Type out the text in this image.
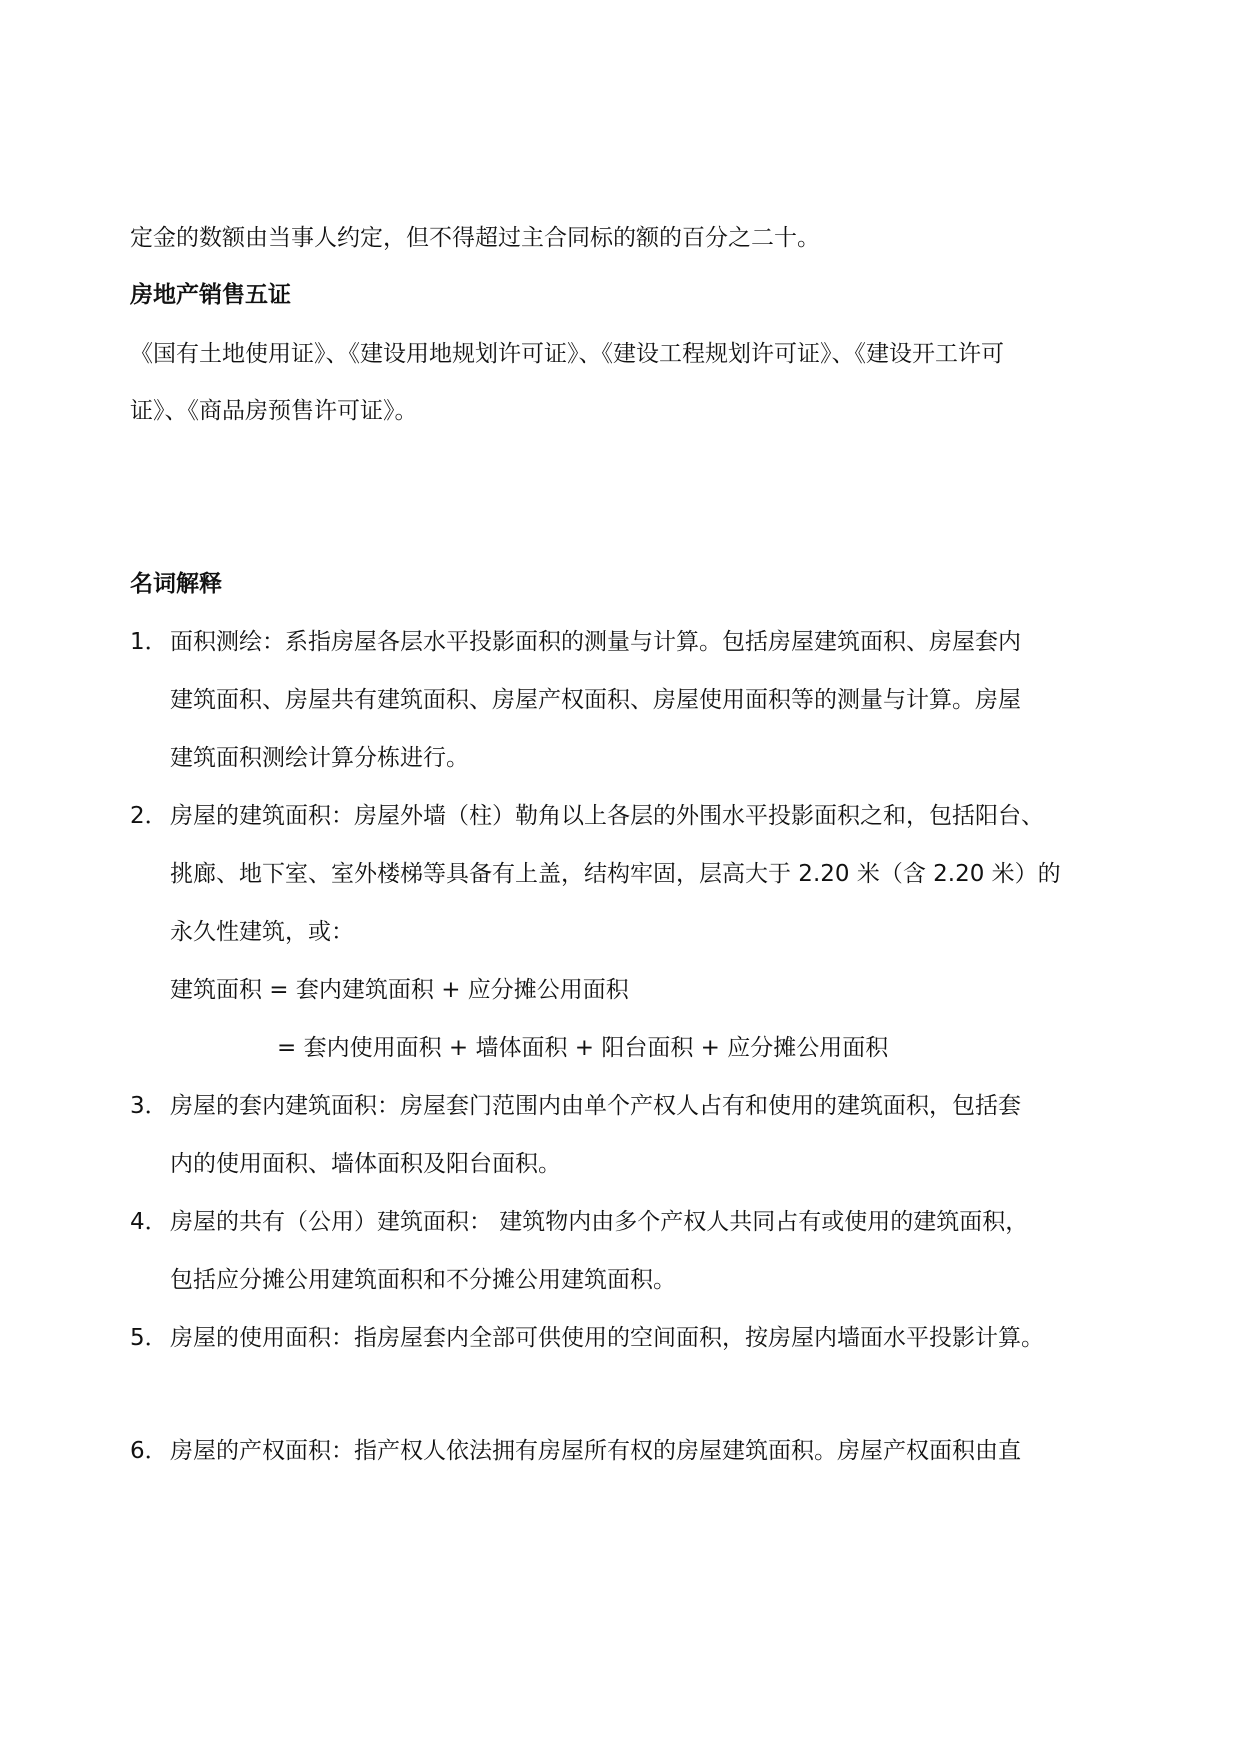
定金的数额由当事人约定，但不得超过主合同标的额的百分之二十。

房地产销售五证

《国有土地使用证》、《建设用地规划许可证》、《建设工程规划许可证》、《建设开工许可

证》、《商品房预售许可证》。

名词解释

1． 面积测绘：系指房屋各层水平投影面积的测量与计算。包括房屋建筑面积、房屋套内

建筑面积、房屋共有建筑面积、房屋产权面积、房屋使用面积等的测量与计算。房屋

建筑面积测绘计算分栋进行。

2． 房屋的建筑面积：房屋外墙（柱）勒角以上各层的外围水平投影面积之和，包括阳台、

挑廊、地下室、室外楼梯等具备有上盖，结构牢固，层高大于 2.20 米（含 2.20 米）的

永久性建筑，或：

建筑面积 = 套内建筑面积 + 应分摊公用面积

= 套内使用面积 + 墙体面积 + 阳台面积 + 应分摊公用面积

3． 房屋的套内建筑面积：房屋套门范围内由单个产权人占有和使用的建筑面积，包括套

内的使用面积、墙体面积及阳台面积。

4． 房屋的共有（公用）建筑面积： 建筑物内由多个产权人共同占有或使用的建筑面积，

包括应分摊公用建筑面积和不分摊公用建筑面积。

5． 房屋的使用面积：指房屋套内全部可供使用的空间面积，按房屋内墙面水平投影计算。

6． 房屋的产权面积：指产权人依法拥有房屋所有权的房屋建筑面积。房屋产权面积由直
